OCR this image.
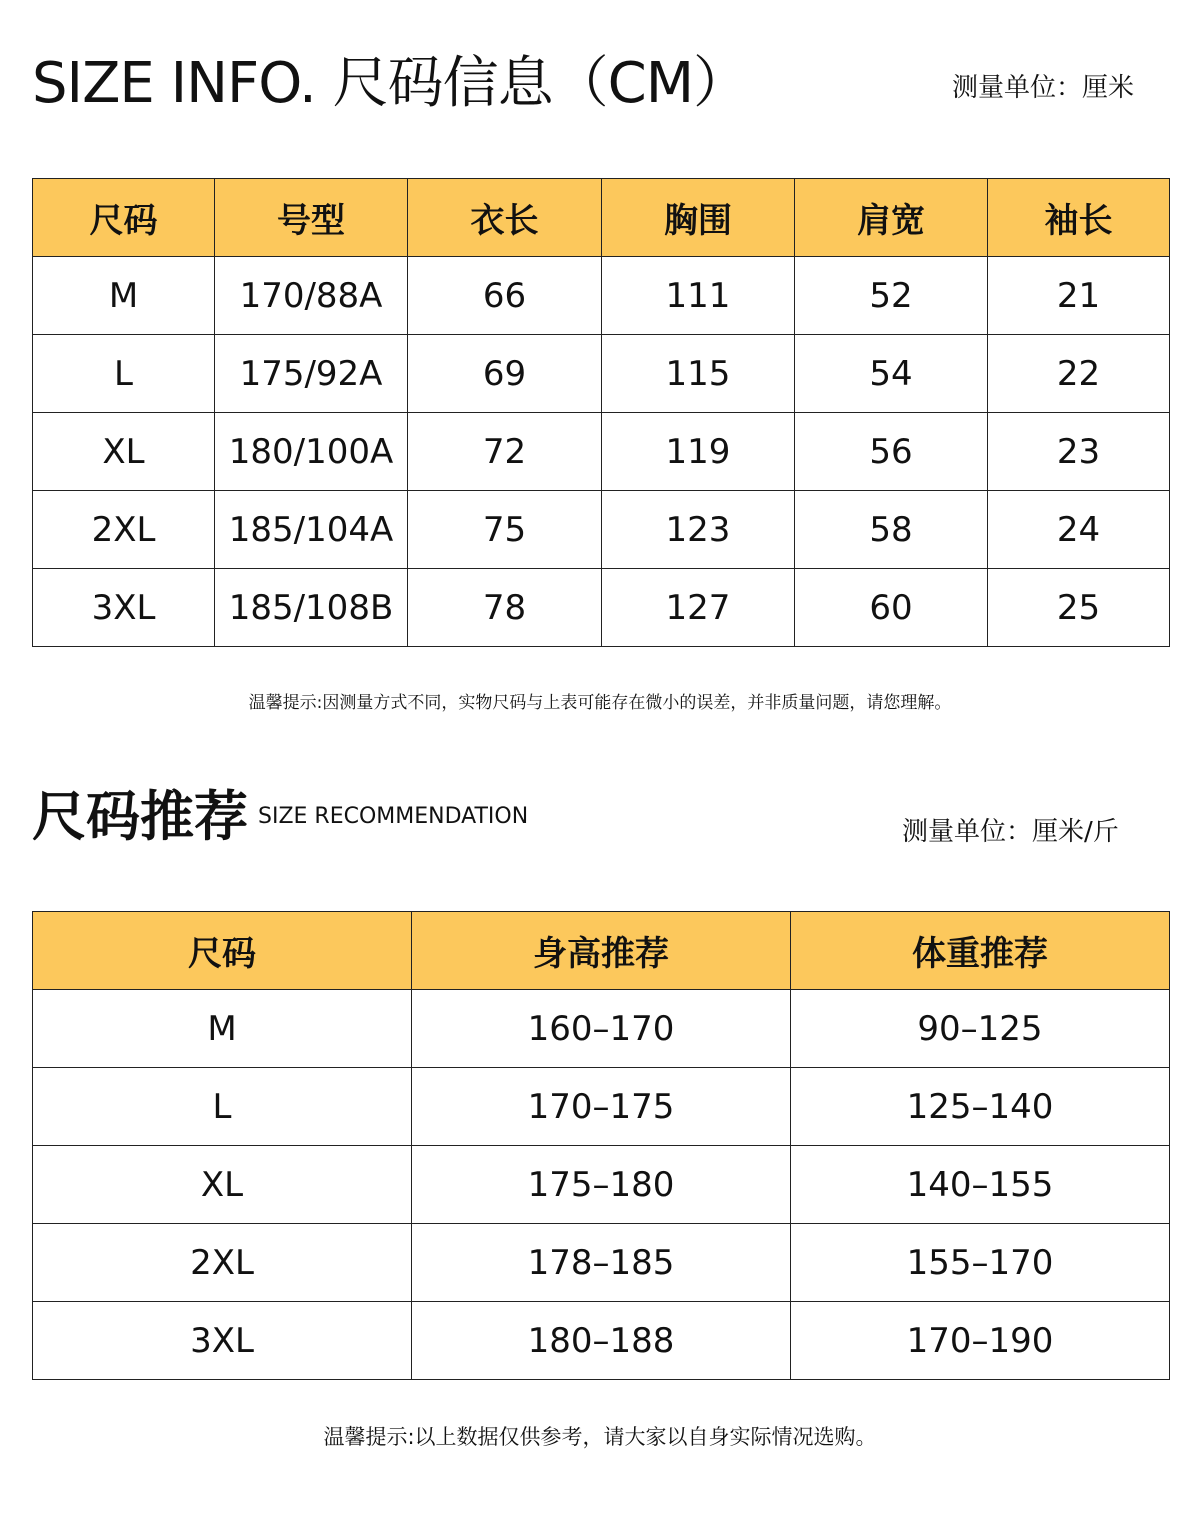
SIZE INFO. 尺码信息（CM）	测量单位：厘米
尺码	号型	衣长	胸围	肩宽	袖长
M	170/88A	66	111	52	21
L	175/92A	69	115	54	22
XL	180/100A	72	119	56	23
2XL	185/104A	75	123	58	24
3XL	185/108B	78	127	60	25
温馨提示:因测量方式不同，实物尺码与上表可能存在微小的误差，并非质量问题，请您理解。
尺码推荐 SIZE RECOMMENDATION
测量单位：厘米/斤
尺码	身高推荐	体重推荐
M	160–170	90–125
L	170–175	125–140
XL	175–180	140–155
2XL	178–185	155–170
3XL	180–188	170–190
温馨提示:以上数据仅供参考，请大家以自身实际情况选购。
